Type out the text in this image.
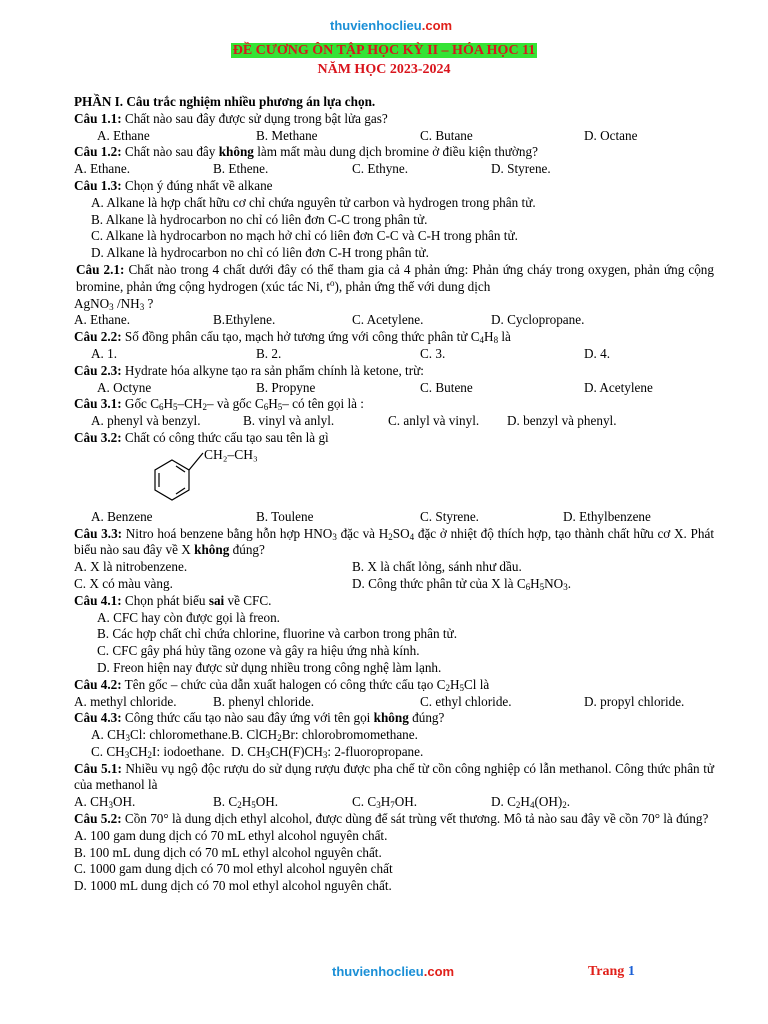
thuvienhoclieu.com
ĐỀ CƯƠNG ÔN TẬP HỌC KỲ II – HÓA HỌC 11
NĂM HỌC 2023-2024
PHẦN I. Câu trắc nghiệm nhiều phương án lựa chọn.
Câu 1.1: Chất nào sau đây được sử dụng trong bật lửa gas?
A. Ethane	B. Methane	C. Butane	D. Octane
Câu 1.2: Chất nào sau đây không làm mất màu dung dịch bromine ở điều kiện thường?
A. Ethane.	B. Ethene.	C. Ethyne.	D. Styrene.
Câu 1.3: Chọn ý đúng nhất về alkane
A. Alkane là hợp chất hữu cơ chỉ chứa nguyên tử carbon và hydrogen trong phân tử.
B. Alkane là hydrocarbon no chỉ có liên đơn C-C trong phân tử.
C. Alkane là hydrocarbon no mạch hở chỉ có liên đơn C-C và C-H trong phân tử.
D. Alkane là hydrocarbon no chỉ có liên đơn C-H trong phân tử.
Câu 2.1: Chất nào trong 4 chất dưới đây có thể tham gia cả 4 phản ứng: Phản ứng cháy trong oxygen, phản ứng cộng bromine, phản ứng cộng hydrogen (xúc tác Ni, $t^o$), phản ứng thế với dung dịch
AgNO$_3$ $/NH_3$ ?
A. Ethane.	B.Ethylene.	C. Acetylene.	D. Cyclopropane.
Câu 2.2: Số đồng phân cấu tạo, mạch hở tương ứng với công thức phân tử $C_4H_8$ là
A. 1.	B. 2.	C. 3.	D. 4.
Câu 2.3: Hydrate hóa alkyne tạo ra sản phẩm chính là ketone, trừ:
A. Octyne	B. Propyne	C. Butene	D. Acetylene
Câu 3.1: Gốc $C_6H_5-CH_2-$ và gốc $C_6H_5-$ có tên gọi là :
A. phenyl và benzyl.	B. vinyl và anlyl.	C. anlyl và vinyl. D. benzyl và phenyl.
Câu 3.2: Chất có công thức cấu tạo sau tên là gì
CH₂–CH₃
A. Benzene	B. Toulene	C. Styrene.	D. Ethylbenzene
Câu 3.3: Nitro hoá benzene bằng hỗn hợp $HNO_3$ đặc và $H_2SO_4$ đặc ở nhiệt độ thích hợp, tạo thành chất hữu cơ X. Phát biểu nào sau đây về X không đúng?
A. X là nitrobenzene.	B. X là chất lỏng, sánh như dầu.
C. X có màu vàng.	D. Công thức phân tử của X là $C_6H_5NO_3$.
Câu 4.1: Chọn phát biểu sai về CFC.
A. CFC hay còn được gọi là freon.
B. Các hợp chất chỉ chứa chlorine, fluorine và carbon trong phân tử.
C. CFC gây phá hủy tầng ozone và gây ra hiệu ứng nhà kính.
D. Freon hiện nay được sử dụng nhiều trong công nghệ làm lạnh.
Câu 4.2: Tên gốc – chức của dẫn xuất halogen có công thức cấu tạo $C_2H_5Cl$ là
A. methyl chloride.	B. phenyl chloride.	C. ethyl chloride.	D. propyl chloride.
Câu 4.3: Công thức cấu tạo nào sau đây ứng với tên gọi không đúng?
A. $CH_3Cl$: chloromethane.B. ClCH$_2$Br: chlorobromomethane.
C. $CH_3CH_2I$: iodoethane. D. $CH_3CH(F)CH_3$: 2-fluoropropane.
Câu 5.1: Nhiều vụ ngộ độc rượu do sử dụng rượu được pha chế từ cồn công nghiệp có lẫn methanol. Công thức phân tử của methanol là
A. $CH_3OH$.	B. $C_2H_5OH$.	C. $C_3H_7OH$.	D. $C_2H_4(OH)_2$.
Câu 5.2: Cồn 70° là dung dịch ethyl alcohol, được dùng để sát trùng vết thương. Mô tả nào sau đây về cồn 70° là đúng?
A. 100 gam dung dịch có 70 mL ethyl alcohol nguyên chất.
B. 100 mL dung dịch có 70 mL ethyl alcohol nguyên chất.
C. 1000 gam dung dịch có 70 mol ethyl alcohol nguyên chất
D. 1000 mL dung dịch có 70 mol ethyl alcohol nguyên chất.
thuvienhoclieu.com	Trang 1
